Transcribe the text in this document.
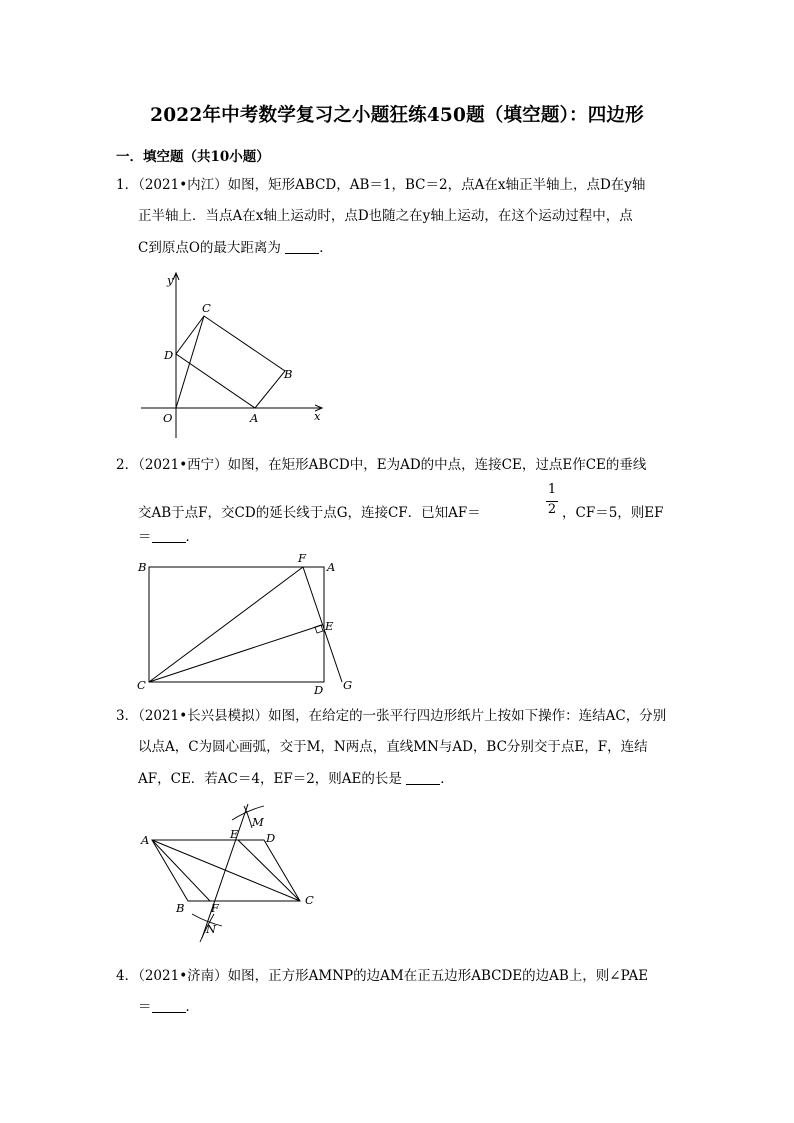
2022年中考数学复习之小题狂练450题（填空题）：四边形
一．填空题（共10小题）
1．（2021•内江）如图，矩形ABCD，AB＝1，BC＝2，点A在x轴正半轴上，点D在y轴
正半轴上．当点A在x轴上运动时，点D也随之在y轴上运动，在这个运动过程中，点
C到原点O的最大距离为	．
y
x
C
D
B
O	A
2．（2021•西宁）如图，在矩形ABCD中，E为AD的中点，连接CE，过点E作CE的垂线
交AB于点F，交CD的延长线于点G，连接CF．已知AF＝
1
2 ，CF＝5，则EF
＝	．
B
F
A
E
C	D G
3．（2021•长兴县模拟）如图，在给定的一张平行四边形纸片上按如下操作：连结AC，分别
以点A，C为圆心画弧，交于M，N两点，直线MN与AD，BC分别交于点E，F，连结
AF，CE．若AC＝4，EF＝2，则AE的长是	．
A	E
M
D
B F
N
C
4．（2021•济南）如图，正方形AMNP的边AM在正五边形ABCDE的边AB上，则∠PAE
＝	．
